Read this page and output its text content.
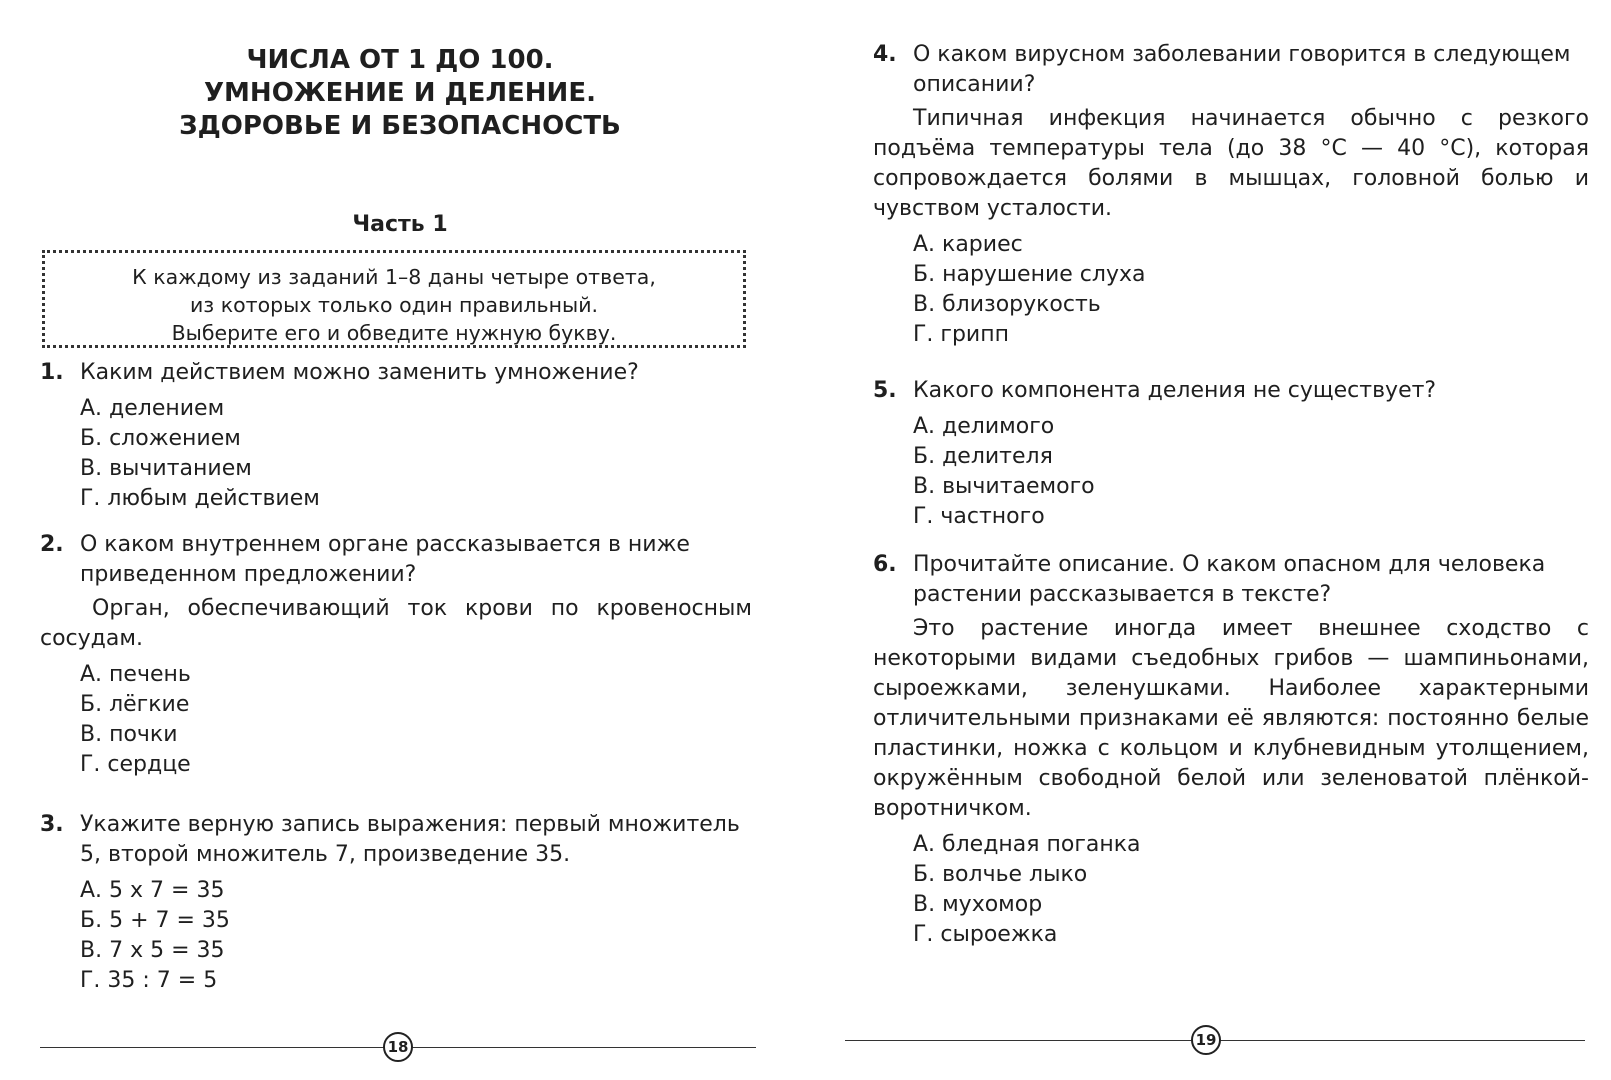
ЧИСЛА ОТ 1 ДО 100.
УМНОЖЕНИЕ И ДЕЛЕНИЕ.
ЗДОРОВЬЕ И БЕЗОПАСНОСТЬ
Часть 1
К каждому из заданий 1–8 даны четыре ответа,
из которых только один правильный.
Выберите его и обведите нужную букву.
1. Каким действием можно заменить умножение?
А. делением
Б. сложением
В. вычитанием
Г. любым действием
2. О каком внутреннем органе рассказывается в ниже приведенном предложении?
Орган, обеспечивающий ток крови по кровеносным сосудам.
А. печень
Б. лёгкие
В. почки
Г. сердце
3. Укажите верную запись выражения: первый множитель 5, второй множитель 7, произведение 35.
А. 5 х 7 = 35
Б. 5 + 7 = 35
В. 7 х 5 = 35
Г. 35 : 7 = 5
18
4. О каком вирусном заболевании говорится в следующем описании?
Типичная инфекция начинается обычно с резкого подъёма температуры тела (до 38 °С — 40 °С), которая сопровождается болями в мышцах, головной болью и чувством усталости.
А. кариес
Б. нарушение слуха
В. близорукость
Г. грипп
5. Какого компонента деления не существует?
А. делимого
Б. делителя
В. вычитаемого
Г. частного
6. Прочитайте описание. О каком опасном для человека растении рассказывается в тексте?
Это растение иногда имеет внешнее сходство с некоторыми видами съедобных грибов — шампиньонами, сыроежками, зеленушками. Наиболее характерными отличительными признаками её являются: постоянно белые пластинки, ножка с кольцом и клубневидным утолщением, окружённым свободной белой или зеленоватой плёнкой-воротничком.
А. бледная поганка
Б. волчье лыко
В. мухомор
Г. сыроежка
19
